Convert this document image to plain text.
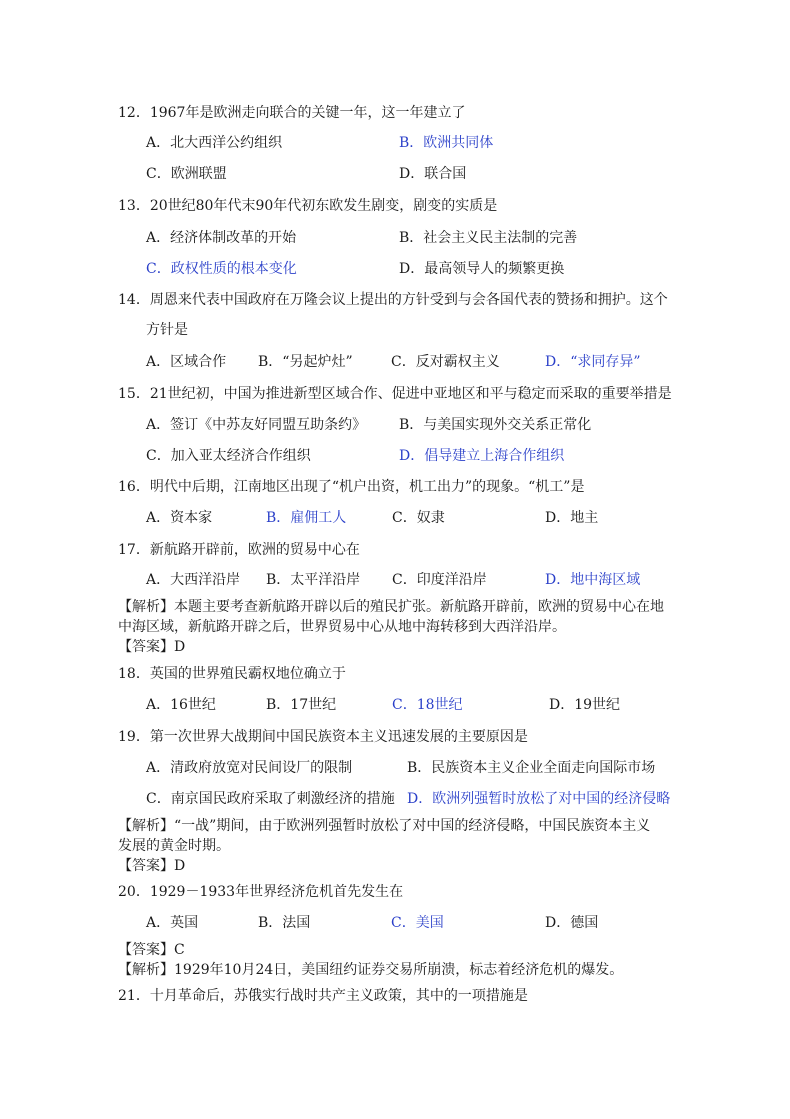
12．1967年是欧洲走向联合的关键一年，这一年建立了
A．北大西洋公约组织	B．欧洲共同体
C．欧洲联盟	D．联合国
13．20世纪80年代末90年代初东欧发生剧变，剧变的实质是
A．经济体制改革的开始	B．社会主义民主法制的完善
C．政权性质的根本变化	D．最高领导人的频繁更换
14．周恩来代表中国政府在万隆会议上提出的方针受到与会各国代表的赞扬和拥护。这个
方针是
A．区域合作 B．“另起炉灶”	C．反对霸权主义	D．“求同存异”
15．21世纪初，中国为推进新型区域合作、促进中亚地区和平与稳定而采取的重要举措是
A．签订《中苏友好同盟互助条约》 B．与美国实现外交关系正常化
C．加入亚太经济合作组织	D．倡导建立上海合作组织
16．明代中后期，江南地区出现了“机户出资，机工出力”的现象。“机工”是
A．资本家	B．雇佣工人	C．奴隶	D．地主
17．新航路开辟前，欧洲的贸易中心在
A．大西洋沿岸 B．太平洋沿岸 C．印度洋沿岸	D．地中海区域
【解析】本题主要考查新航路开辟以后的殖民扩张。新航路开辟前，欧洲的贸易中心在地
中海区域，新航路开辟之后，世界贸易中心从地中海转移到大西洋沿岸。
【答案】D
18．英国的世界殖民霸权地位确立于
A．16世纪	B．17世纪	C．18世纪	D．19世纪
19．第一次世界大战期间中国民族资本主义迅速发展的主要原因是
A．清政府放宽对民间设厂的限制	B．民族资本主义企业全面走向国际市场
C．南京国民政府采取了刺激经济的措施 D．欧洲列强暂时放松了对中国的经济侵略
【解析】“一战”期间，由于欧洲列强暂时放松了对中国的经济侵略，中国民族资本主义
发展的黄金时期。
【答案】D
20．1929－1933年世界经济危机首先发生在
A．英国	B．法国	C．美国	D．德国
【答案】C
【解析】1929年10月24日，美国纽约证券交易所崩溃，标志着经济危机的爆发。
21．十月革命后，苏俄实行战时共产主义政策，其中的一项措施是
